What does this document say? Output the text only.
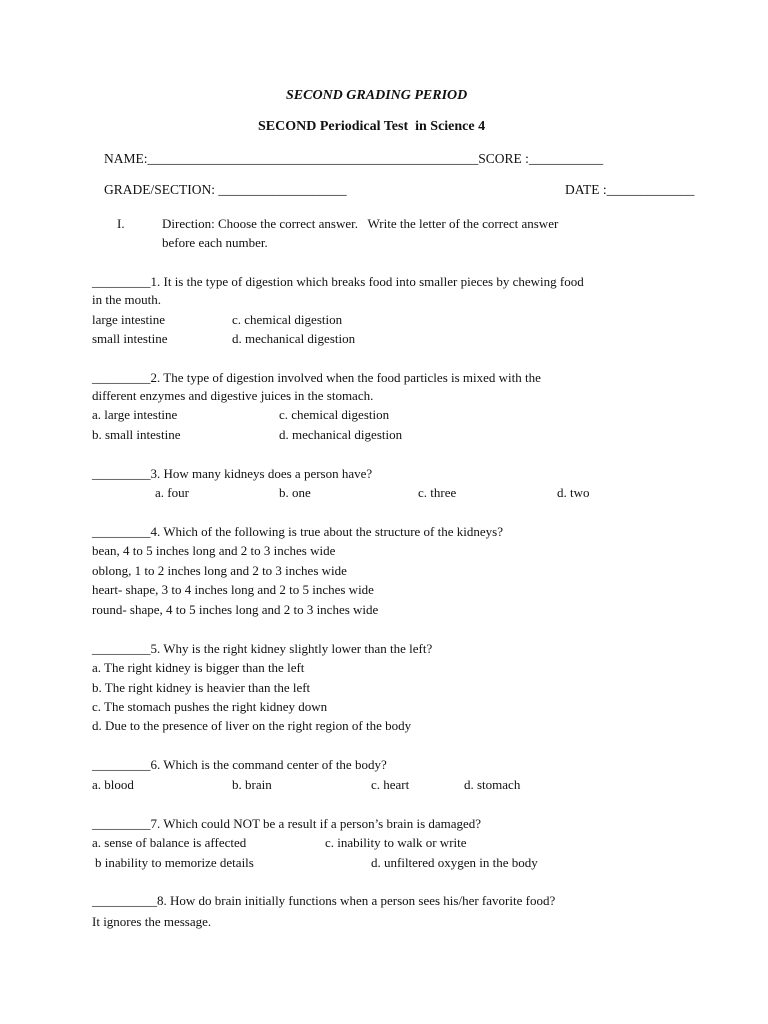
SECOND GRADING PERIOD
SECOND Periodical Test  in Science 4
NAME:_________________________________________________SCORE :___________
GRADE/SECTION: ___________________	DATE :_____________
I.	Direction: Choose the correct answer.   Write the letter of the correct answer
before each number.
_________1. It is the type of digestion which breaks food into smaller pieces by chewing food
in the mouth.
large intestine	c. chemical digestion
small intestine	d. mechanical digestion
_________2. The type of digestion involved when the food particles is mixed with the
different enzymes and digestive juices in the stomach.
a. large intestine	c. chemical digestion
b. small intestine	d. mechanical digestion
_________3. How many kidneys does a person have?
a. four	b. one	c. three	d. two
_________4. Which of the following is true about the structure of the kidneys?
bean, 4 to 5 inches long and 2 to 3 inches wide
oblong, 1 to 2 inches long and 2 to 3 inches wide
heart- shape, 3 to 4 inches long and 2 to 5 inches wide
round- shape, 4 to 5 inches long and 2 to 3 inches wide
_________5. Why is the right kidney slightly lower than the left?
a. The right kidney is bigger than the left
b. The right kidney is heavier than the left
c. The stomach pushes the right kidney down
d. Due to the presence of liver on the right region of the body
_________6. Which is the command center of the body?
a. blood	b. brain	c. heart	d. stomach
_________7. Which could NOT be a result if a person’s brain is damaged?
a. sense of balance is affected	c. inability to walk or write
b inability to memorize details	d. unfiltered oxygen in the body
__________8. How do brain initially functions when a person sees his/her favorite food?
It ignores the message.
